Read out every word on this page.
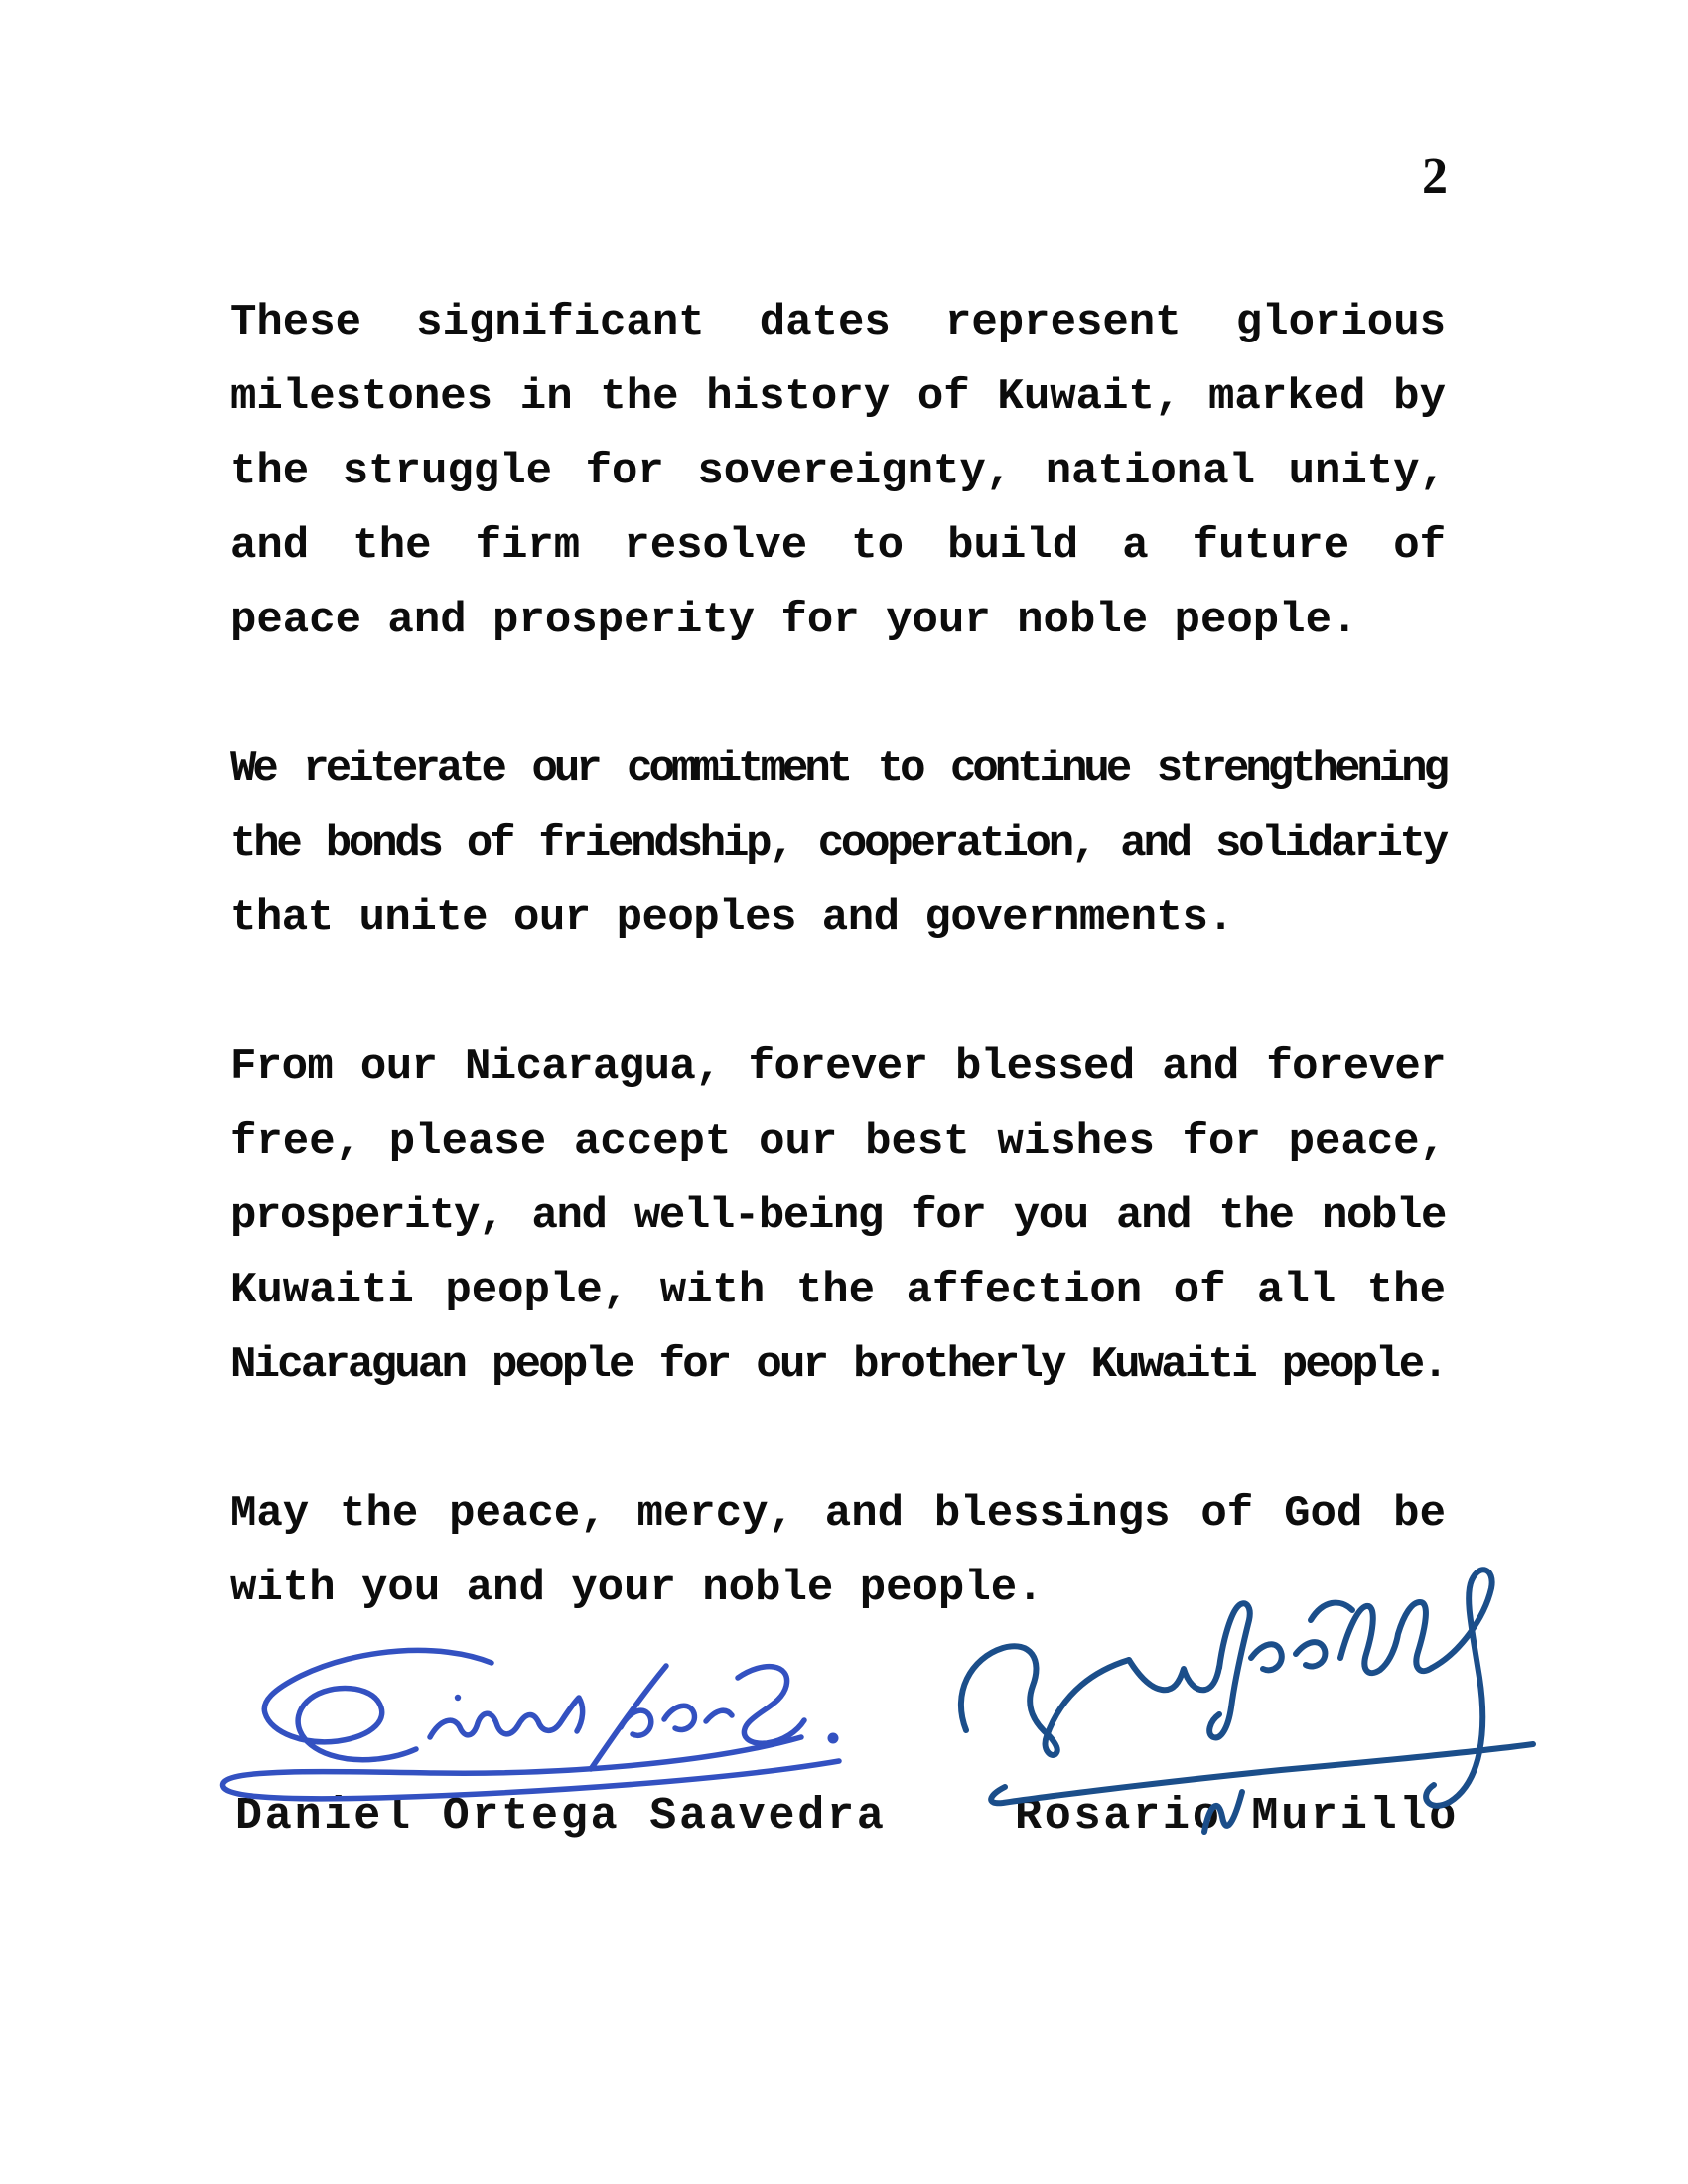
2
These significant dates represent glorious
milestones in the history of Kuwait, marked by
the struggle for sovereignty, national unity,
and the firm resolve to build a future of
peace and prosperity for your noble people.
We reiterate our commitment to continue strengthening
the bonds of friendship, cooperation, and solidarity
that unite our peoples and governments.
From our Nicaragua, forever blessed and forever
free, please accept our best wishes for peace,
prosperity, and well-being for you and the noble
Kuwaiti people, with the affection of all the
Nicaraguan people for our brotherly Kuwaiti people.
May the peace, mercy, and blessings of God be
with you and your noble people.
Daniel Ortega Saavedra	Rosario Murillo
